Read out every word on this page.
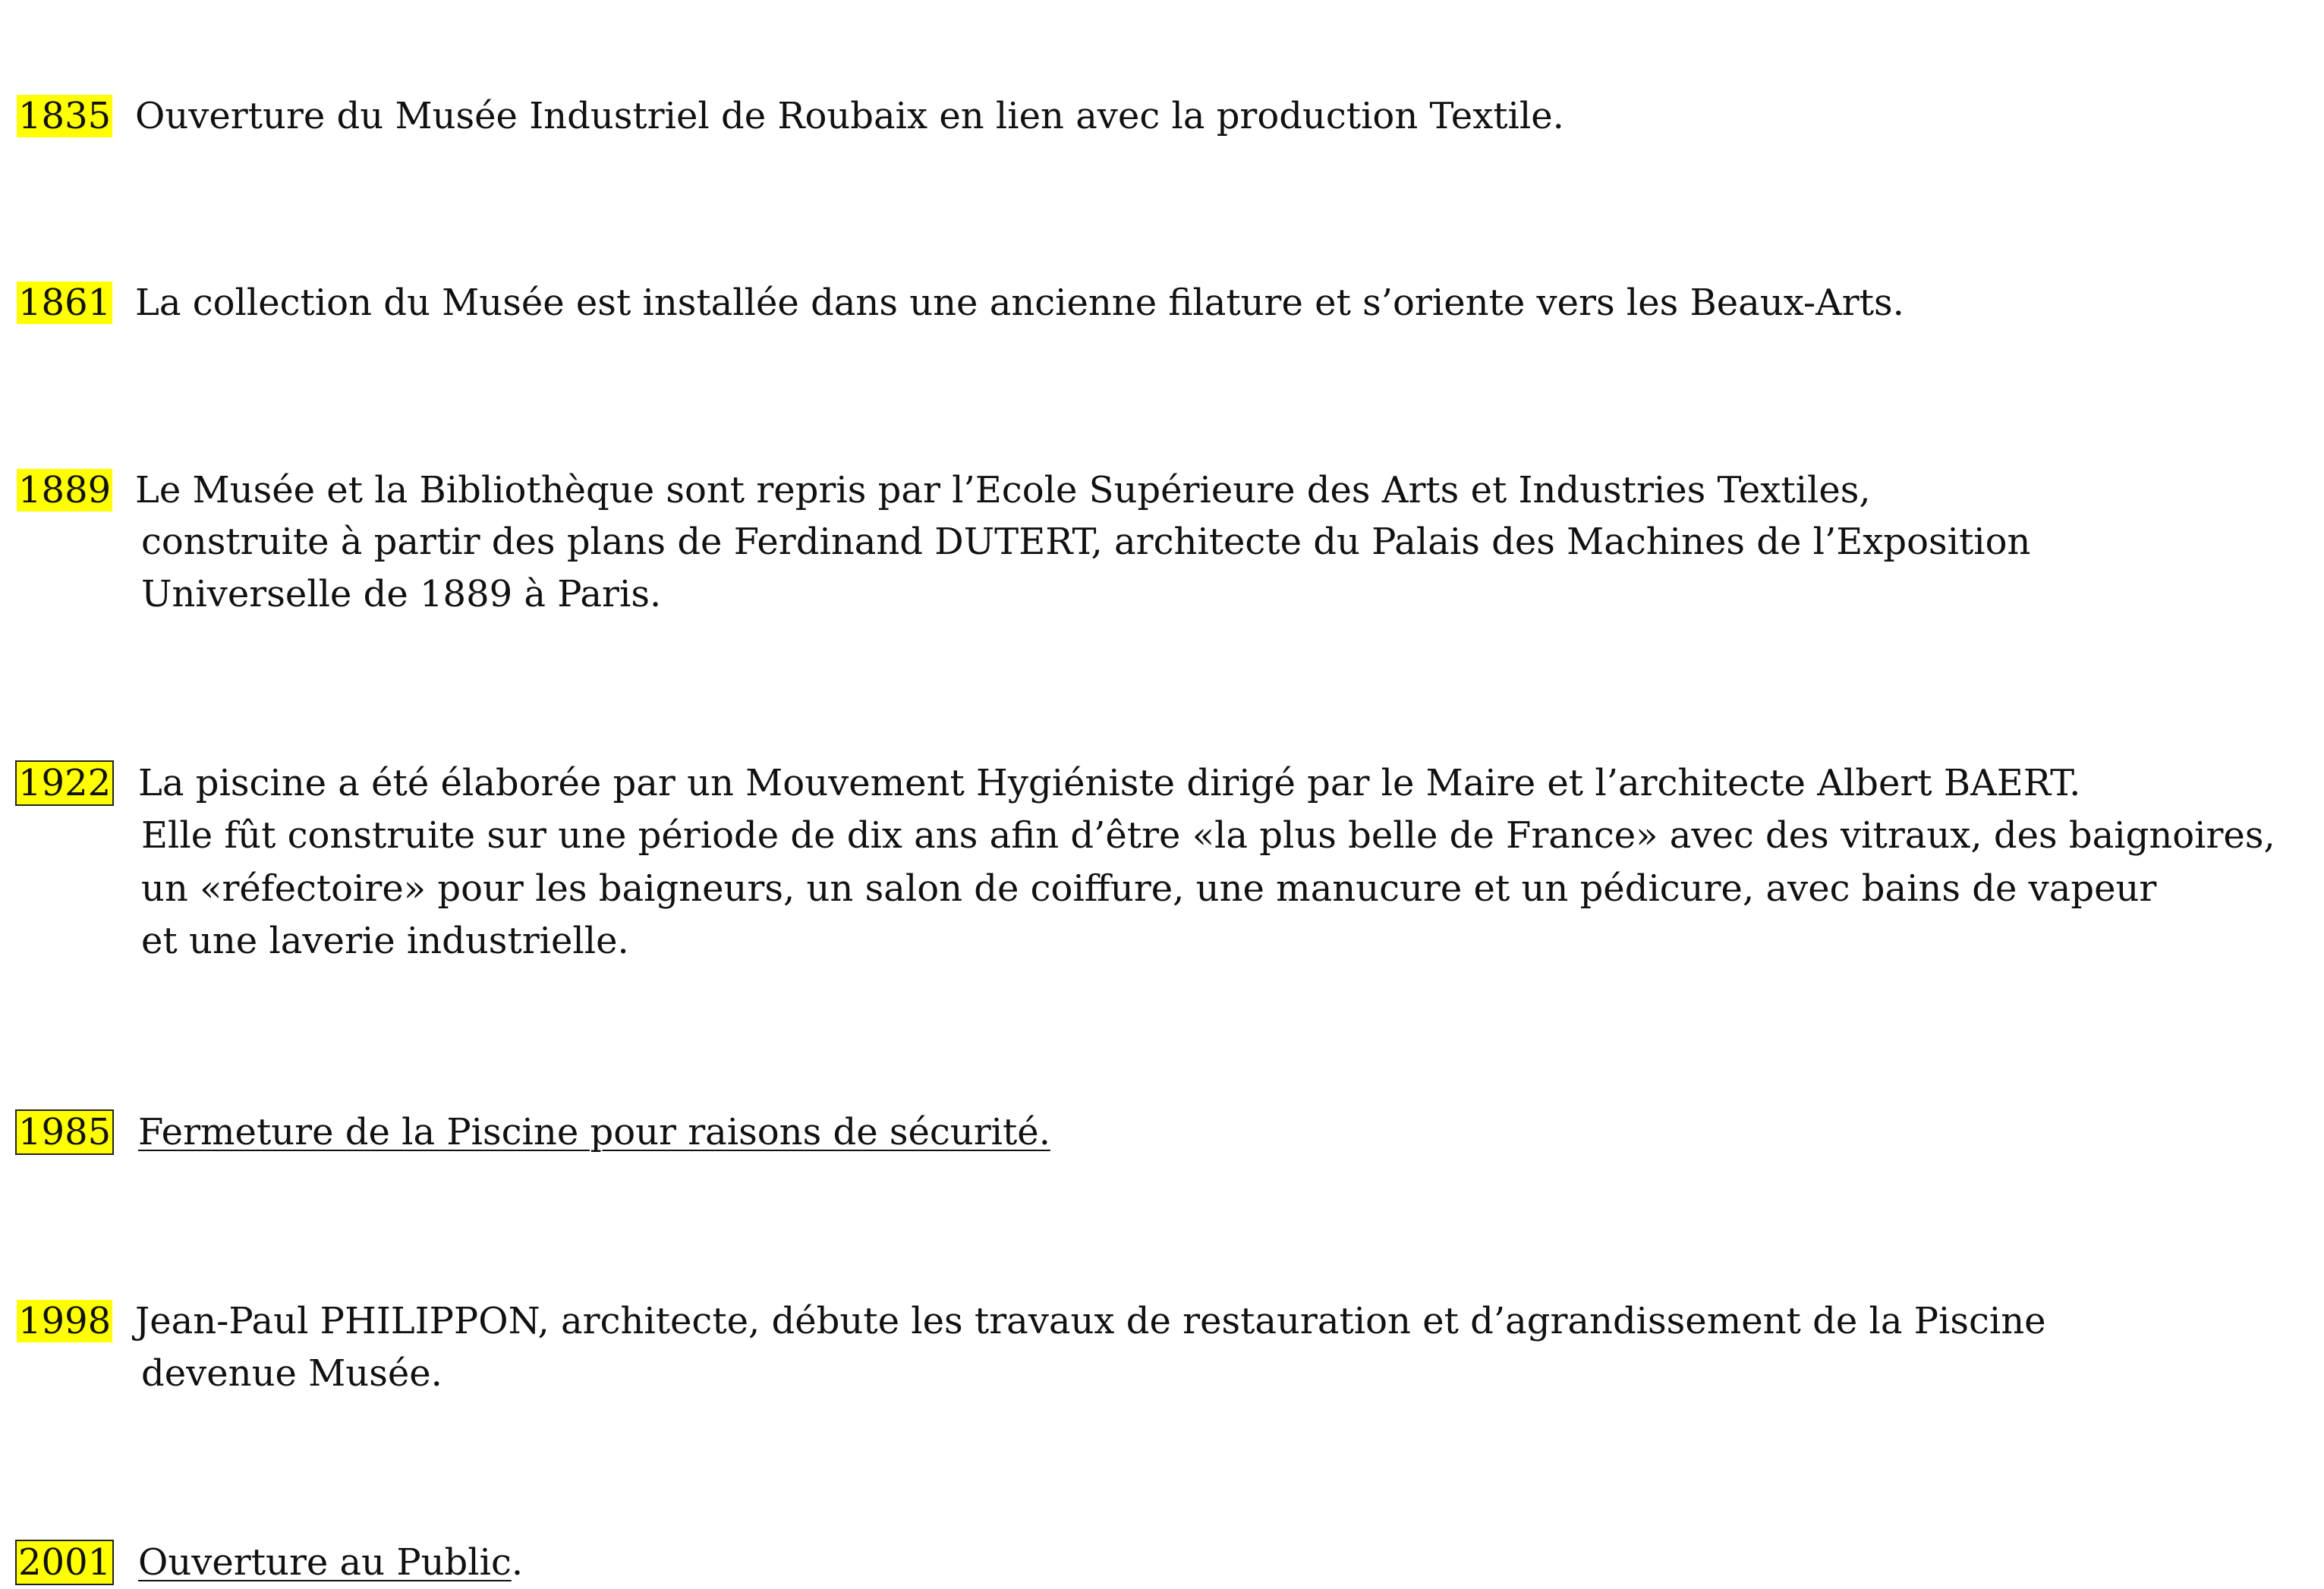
1835 Ouverture du Musée Industriel de Roubaix en lien avec la production Textile.
1861 La collection du Musée est installée dans une ancienne filature et s’oriente vers les Beaux-Arts.
1889 Le Musée et la Bibliothèque sont repris par l’Ecole Supérieure des Arts et Industries Textiles,
construite à partir des plans de Ferdinand DUTERT, architecte du Palais des Machines de l’Exposition
Universelle de 1889 à Paris.
1922 La piscine a été élaborée par un Mouvement Hygiéniste dirigé par le Maire et l’architecte Albert BAERT.
Elle fût construite sur une période de dix ans afin d’être «la plus belle de France» avec des vitraux, des baignoires,
un «réfectoire» pour les baigneurs, un salon de coiffure, une manucure et un pédicure, avec bains de vapeur
et une laverie industrielle.
1985 Fermeture de la Piscine pour raisons de sécurité.
1998 Jean-Paul PHILIPPON, architecte, débute les travaux de restauration et d’agrandissement de la Piscine
devenue Musée.
2001 Ouverture au Public.
